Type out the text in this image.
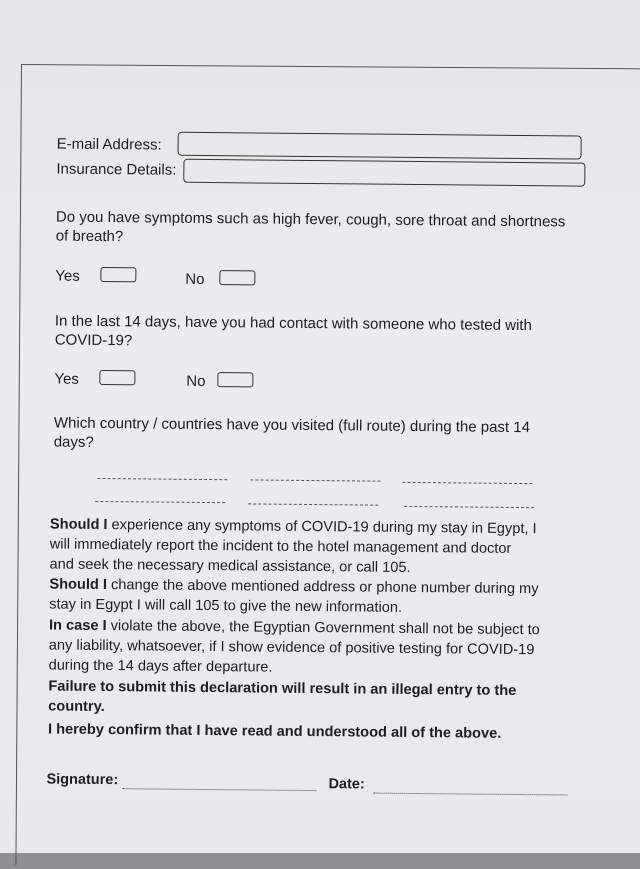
E-mail Address:
Insurance Details:
Do you have symptoms such as high fever, cough, sore throat and shortness
of breath?
Yes	No
In the last 14 days, have you had contact with someone who tested with
COVID-19?
Yes	No
Which country / countries have you visited (full route) during the past 14
days?
Should I experience any symptoms of COVID-19 during my stay in Egypt, I
will immediately report the incident to the hotel management and doctor
and seek the necessary medical assistance, or call 105.
Should I change the above mentioned address or phone number during my
stay in Egypt I will call 105 to give the new information.
In case I violate the above, the Egyptian Government shall not be subject to
any liability, whatsoever, if I show evidence of positive testing for COVID-19
during the 14 days after departure.
Failure to submit this declaration will result in an illegal entry to the
country.
I hereby confirm that I have read and understood all of the above.
Signature:	Date:
